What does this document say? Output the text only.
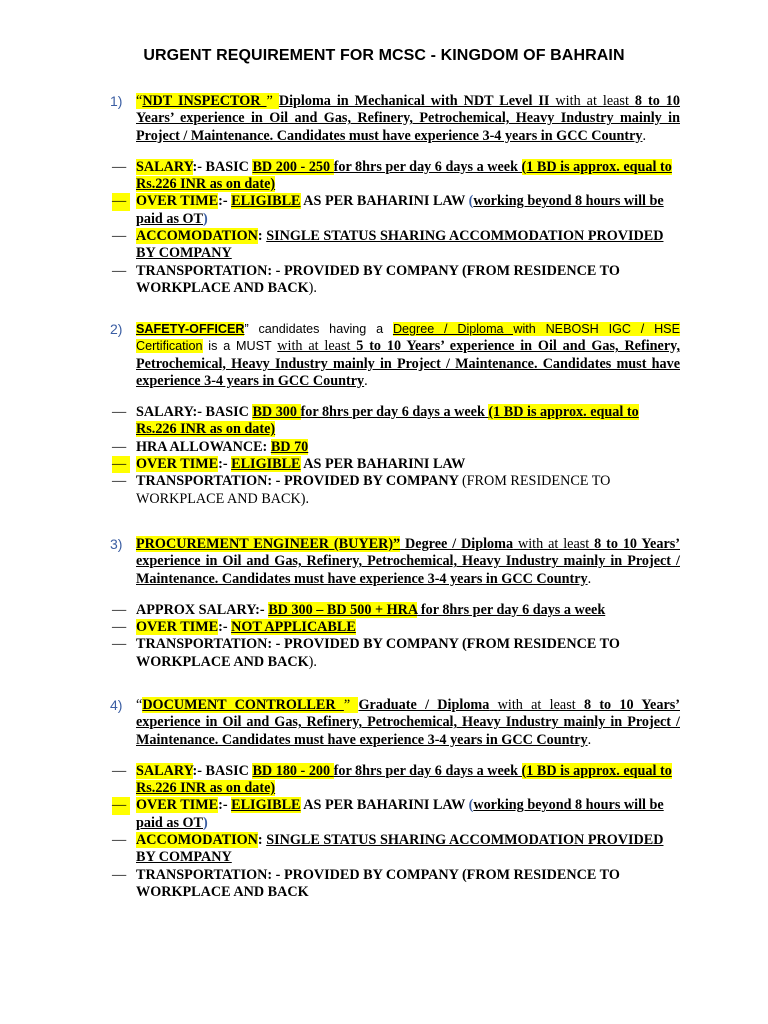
URGENT REQUIREMENT FOR MCSC - KINGDOM OF BAHRAIN
1) “NDT INSPECTOR ” Diploma in Mechanical with NDT Level II with at least 8 to 10 Years’ experience in Oil and Gas, Refinery, Petrochemical, Heavy Industry mainly in Project / Maintenance. Candidates must have experience 3-4 years in GCC Country.
— SALARY:- BASIC BD 200 - 250 for 8hrs per day 6 days a week (1 BD is approx. equal to Rs.226 INR as on date)
— OVER TIME:- ELIGIBLE AS PER BAHARINI LAW (working beyond 8 hours will be paid as OT)
— ACCOMODATION: SINGLE STATUS SHARING ACCOMMODATION PROVIDED BY COMPANY
— TRANSPORTATION: - PROVIDED BY COMPANY (FROM RESIDENCE TO WORKPLACE AND BACK).
2) SAFETY-OFFICER” candidates having a Degree / Diploma with NEBOSH IGC / HSE Certification is a MUST with at least 5 to 10 Years’ experience in Oil and Gas, Refinery, Petrochemical, Heavy Industry mainly in Project / Maintenance. Candidates must have experience 3-4 years in GCC Country.
— SALARY:- BASIC BD 300 for 8hrs per day 6 days a week (1 BD is approx. equal to Rs.226 INR as on date)
— HRA ALLOWANCE: BD 70
— OVER TIME:- ELIGIBLE AS PER BAHARINI LAW
— TRANSPORTATION: - PROVIDED BY COMPANY (FROM RESIDENCE TO WORKPLACE AND BACK).
3) PROCUREMENT ENGINEER (BUYER)” Degree / Diploma with at least 8 to 10 Years’ experience in Oil and Gas, Refinery, Petrochemical, Heavy Industry mainly in Project / Maintenance. Candidates must have experience 3-4 years in GCC Country.
— APPROX SALARY:- BD 300 – BD 500 + HRA for 8hrs per day 6 days a week
— OVER TIME:- NOT APPLICABLE
— TRANSPORTATION: - PROVIDED BY COMPANY (FROM RESIDENCE TO WORKPLACE AND BACK).
4) “DOCUMENT CONTROLLER ” Graduate / Diploma with at least 8 to 10 Years’ experience in Oil and Gas, Refinery, Petrochemical, Heavy Industry mainly in Project / Maintenance. Candidates must have experience 3-4 years in GCC Country.
— SALARY:- BASIC BD 180 - 200 for 8hrs per day 6 days a week (1 BD is approx. equal to Rs.226 INR as on date)
— OVER TIME:- ELIGIBLE AS PER BAHARINI LAW (working beyond 8 hours will be paid as OT)
— ACCOMODATION: SINGLE STATUS SHARING ACCOMMODATION PROVIDED BY COMPANY
— TRANSPORTATION: - PROVIDED BY COMPANY (FROM RESIDENCE TO WORKPLACE AND BACK
